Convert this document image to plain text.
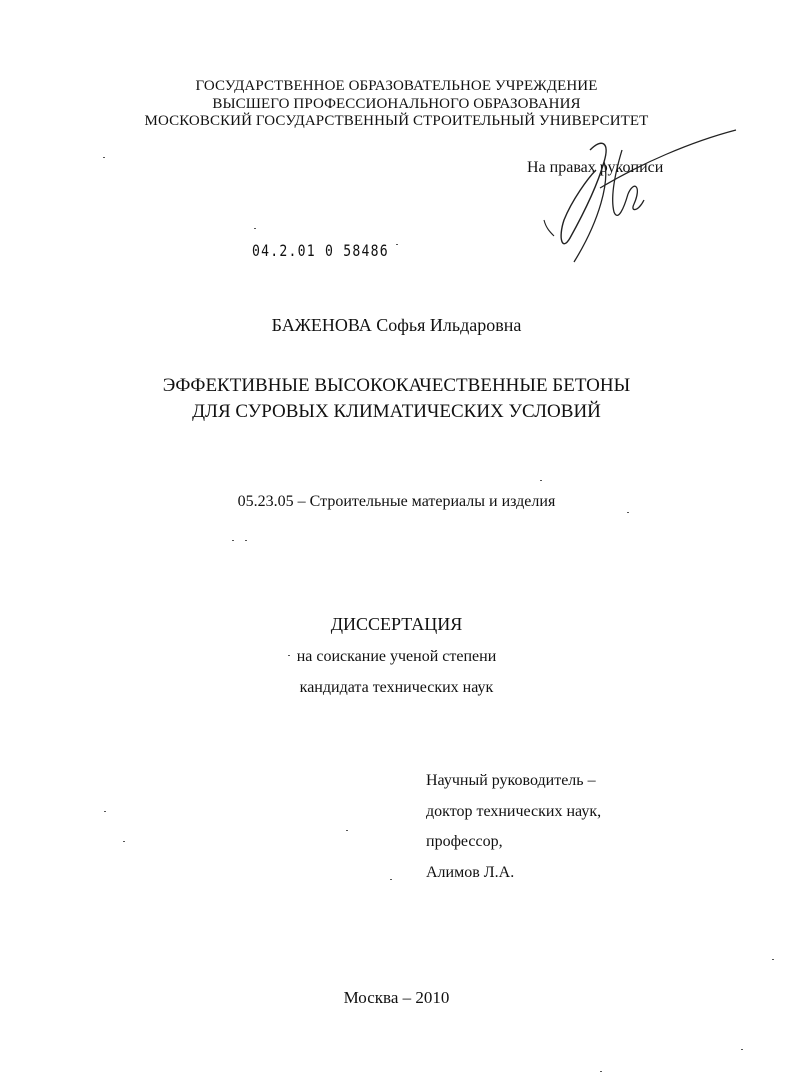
ГОСУДАРСТВЕННОЕ ОБРАЗОВАТЕЛЬНОЕ УЧРЕЖДЕНИЕ
ВЫСШЕГО ПРОФЕССИОНАЛЬНОГО ОБРАЗОВАНИЯ
МОСКОВСКИЙ ГОСУДАРСТВЕННЫЙ СТРОИТЕЛЬНЫЙ УНИВЕРСИТЕТ
На правах рукописи
04.2.01 0 58486
БАЖЕНОВА Софья Ильдаровна
ЭФФЕКТИВНЫЕ ВЫСОКОКАЧЕСТВЕННЫЕ БЕТОНЫ
ДЛЯ СУРОВЫХ КЛИМАТИЧЕСКИХ УСЛОВИЙ
05.23.05 – Строительные материалы и изделия
ДИССЕРТАЦИЯ
на соискание ученой степени
кандидата технических наук
Научный руководитель –
доктор технических наук,
профессор,
Алимов Л.А.
Москва – 2010
